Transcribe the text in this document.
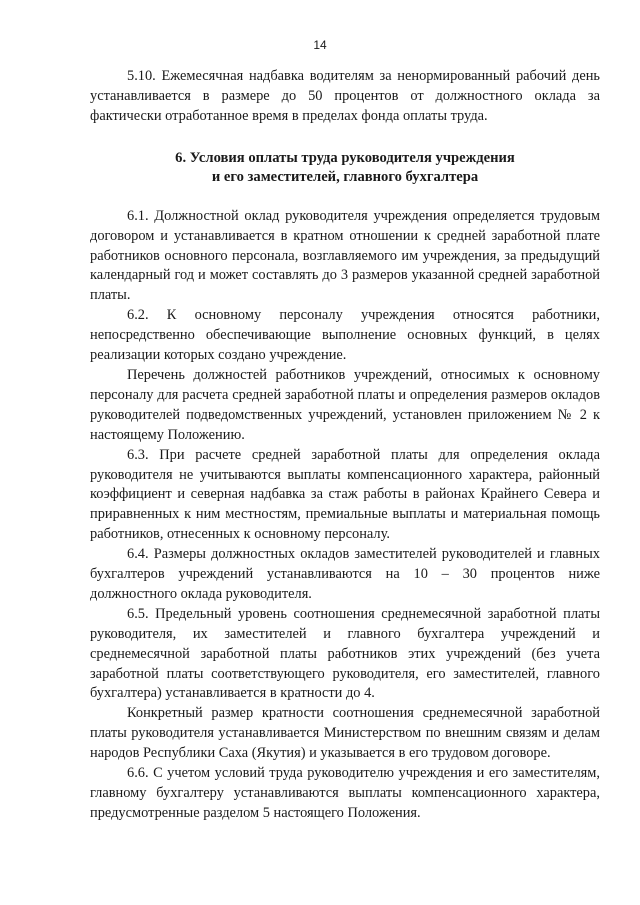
14

5.10. Ежемесячная надбавка водителям за ненормированный рабочий день устанавливается в размере до 50 процентов от должностного оклада за фактически отработанное время в пределах фонда оплаты труда.

6. Условия оплаты труда руководителя учреждения
и его заместителей, главного бухгалтера

6.1. Должностной оклад руководителя учреждения определяется трудовым договором и устанавливается в кратном отношении к средней заработной плате работников основного персонала, возглавляемого им учреждения, за предыдущий календарный год и может составлять до 3 размеров указанной средней заработной платы.

6.2. К основному персоналу учреждения относятся работники, непосредственно обеспечивающие выполнение основных функций, в целях реализации которых создано учреждение.

Перечень должностей работников учреждений, относимых к основному персоналу для расчета средней заработной платы и определения размеров окладов руководителей подведомственных учреждений, установлен приложением № 2 к настоящему Положению.

6.3. При расчете средней заработной платы для определения оклада руководителя не учитываются выплаты компенсационного характера, районный коэффициент и северная надбавка за стаж работы в районах Крайнего Севера и приравненных к ним местностям, премиальные выплаты и материальная помощь работников, отнесенных к основному персоналу.

6.4. Размеры должностных окладов заместителей руководителей и главных бухгалтеров учреждений устанавливаются на 10 – 30 процентов ниже должностного оклада руководителя.

6.5. Предельный уровень соотношения среднемесячной заработной платы руководителя, их заместителей и главного бухгалтера учреждений и среднемесячной заработной платы работников этих учреждений (без учета заработной платы соответствующего руководителя, его заместителей, главного бухгалтера) устанавливается в кратности до 4.

Конкретный размер кратности соотношения среднемесячной заработной платы руководителя устанавливается Министерством по внешним связям и делам народов Республики Саха (Якутия) и указывается в его трудовом договоре.

6.6. С учетом условий труда руководителю учреждения и его заместителям, главному бухгалтеру устанавливаются выплаты компенсационного характера, предусмотренные разделом 5 настоящего Положения.
